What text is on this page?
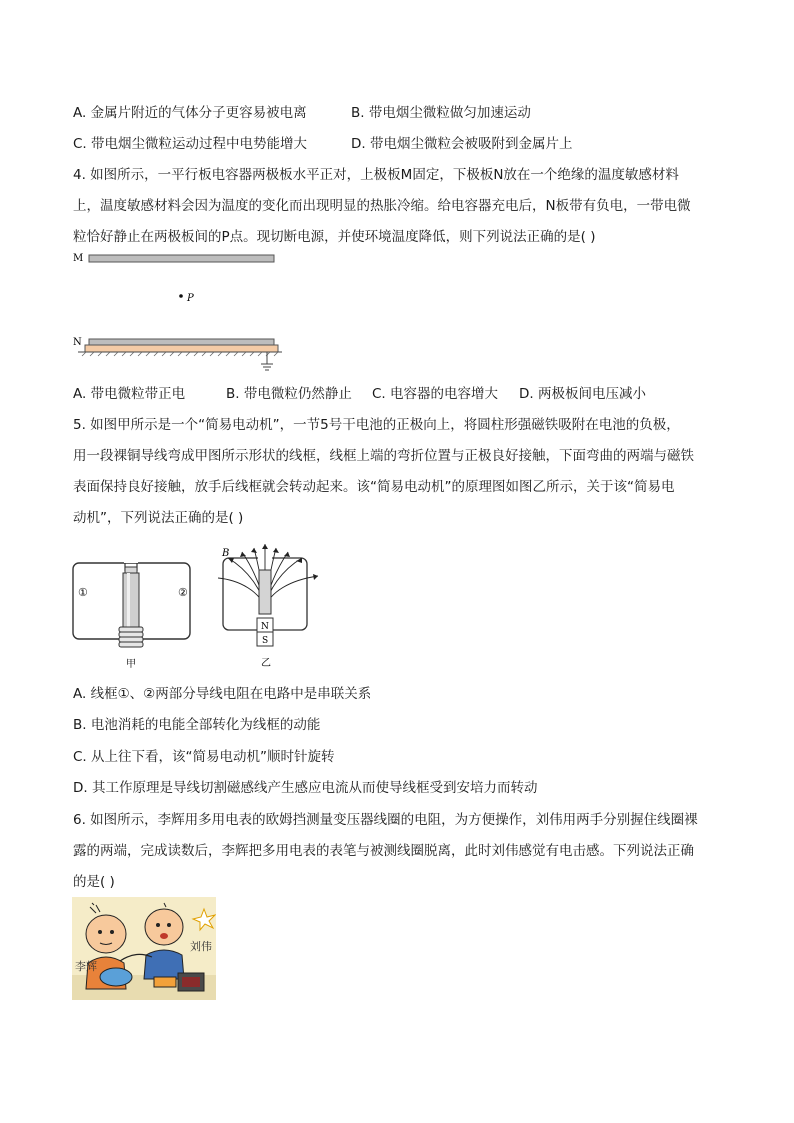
A. 金属片附近的气体分子更容易被电离	B. 带电烟尘微粒做匀加速运动
C. 带电烟尘微粒运动过程中电势能增大	D. 带电烟尘微粒会被吸附到金属片上
4. 如图所示，一平行板电容器两极板水平正对，上极板M固定，下极板N放在一个绝缘的温度敏感材料
上，温度敏感材料会因为温度的变化而出现明显的热胀冷缩。给电容器充电后，N板带有负电，一带电微
粒恰好静止在两极板间的P点。现切断电源，并使环境温度降低，则下列说法正确的是( )
M
P
N
A. 带电微粒带正电	B. 带电微粒仍然静止 C. 电容器的电容增大 D. 两极板间电压减小
5. 如图甲所示是一个“简易电动机”，一节5号干电池的正极向上，将圆柱形强磁铁吸附在电池的负极，
用一段裸铜导线弯成甲图所示形状的线框，线框上端的弯折位置与正极良好接触，下面弯曲的两端与磁铁
表面保持良好接触，放手后线框就会转动起来。该“简易电动机”的原理图如图乙所示，关于该“简易电
动机”，下列说法正确的是( )
①	②
甲
B
N
S
乙
A. 线框①、②两部分导线电阻在电路中是串联关系
B. 电池消耗的电能全部转化为线框的动能
C. 从上往下看，该“简易电动机”顺时针旋转
D. 其工作原理是导线切割磁感线产生感应电流从而使导线框受到安培力而转动
6. 如图所示，李辉用多用电表的欧姆挡测量变压器线圈的电阻，为方便操作，刘伟用两手分别握住线圈裸
露的两端，完成读数后，李辉把多用电表的表笔与被测线圈脱离，此时刘伟感觉有电击感。下列说法正确
的是( )
李辉
刘伟
